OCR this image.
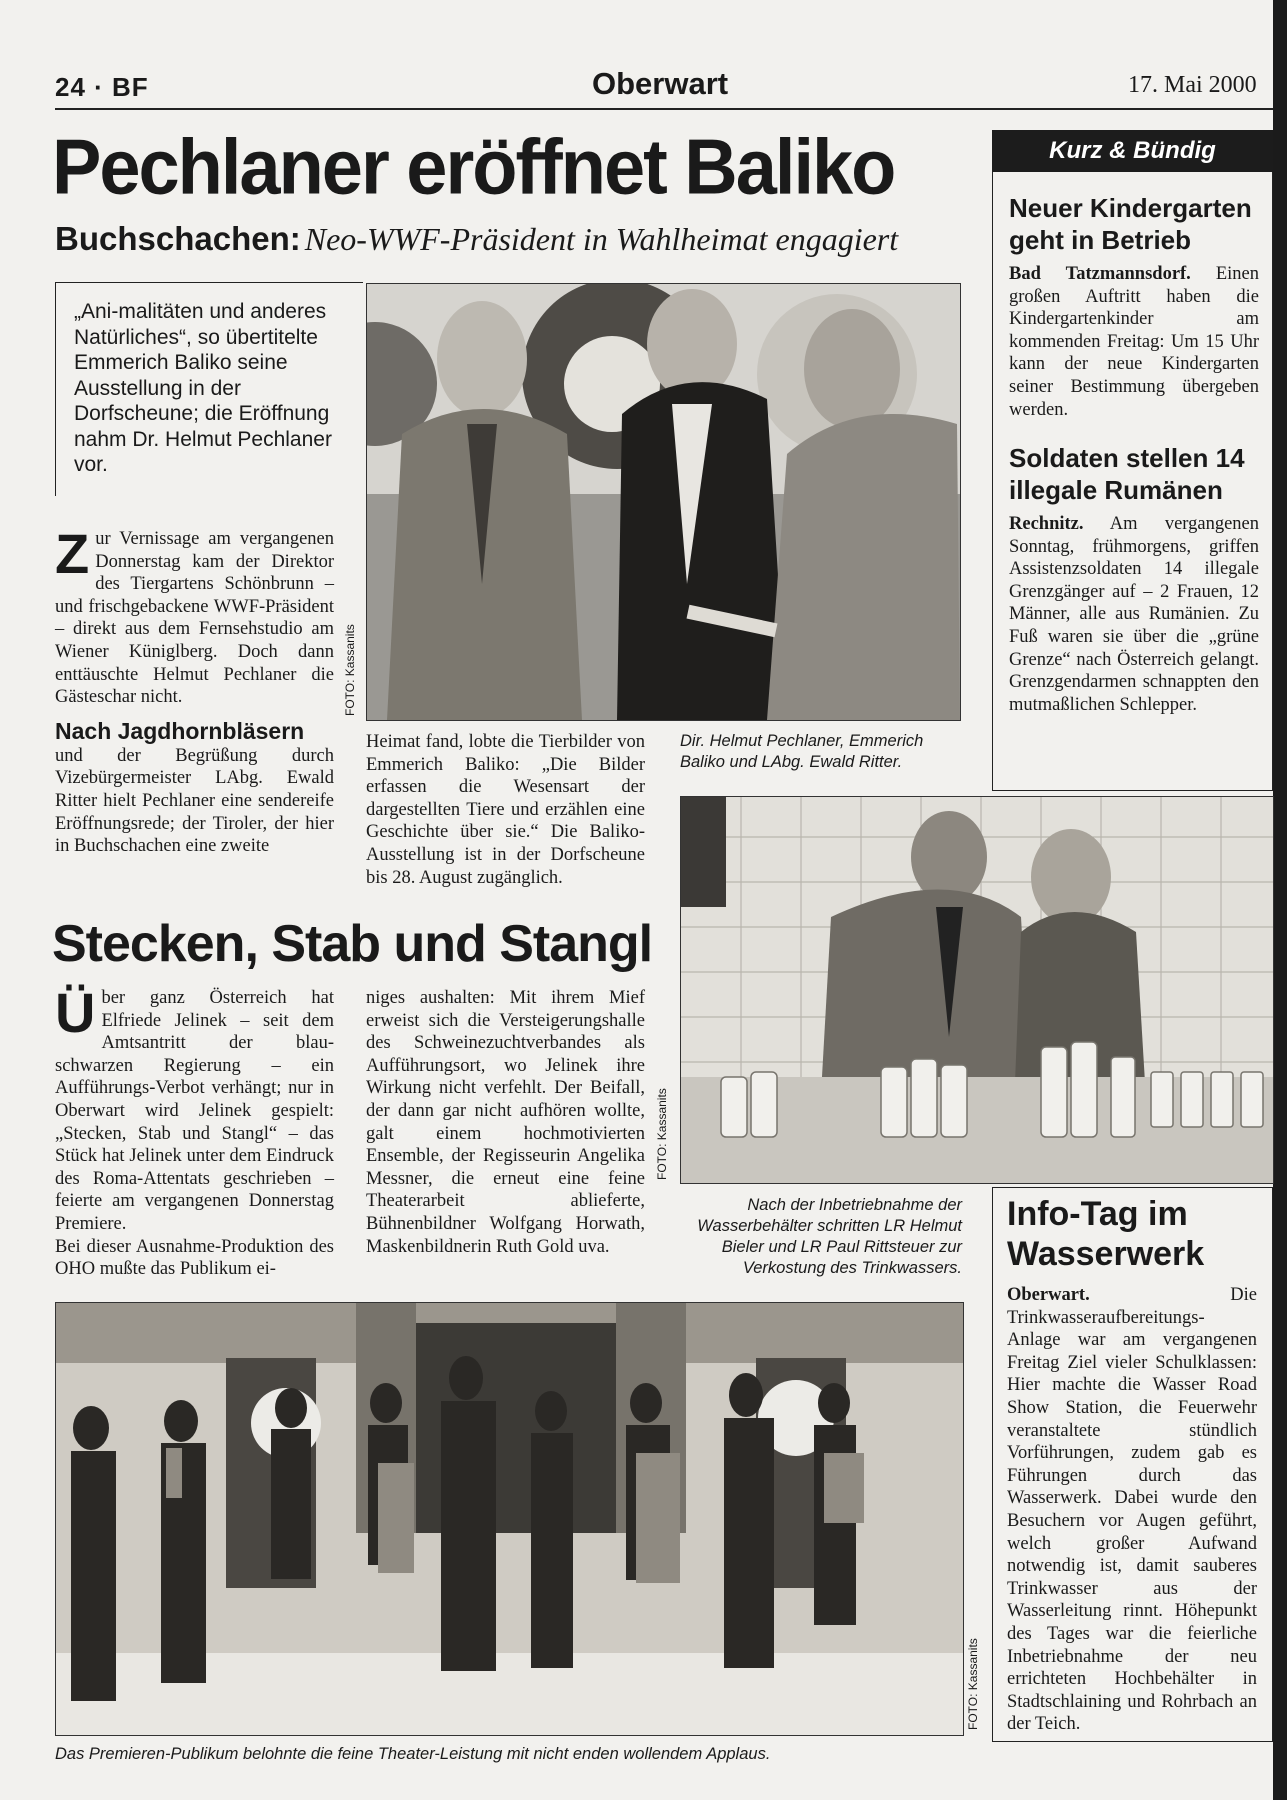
24 · BF	Oberwart	17. Mai 2000
Pechlaner eröffnet Baliko
Buchschachen: Neo-WWF-Präsident in Wahlheimat engagiert
„Ani-malitäten und anderes Natürliches“, so übertitelte Emmerich Baliko seine Ausstellung in der Dorfscheune; die Eröffnung nahm Dr. Helmut Pechlaner vor.
Zur Vernissage am vergangenen Donnerstag kam der Direktor des Tiergartens Schönbrunn – und frischgebackene WWF-Präsident – direkt aus dem Fernsehstudio am Wiener Küniglberg. Doch dann enttäuschte Helmut Pechlaner die Gästeschar nicht.
Nach Jagdhornbläsern
und der Begrüßung durch Vizebürgermeister LAbg. Ewald Ritter hielt Pechlaner eine sendereife Eröffnungsrede; der Tiroler, der hier in Buchschachen eine zweite
FOTO: Kassanits
Heimat fand, lobte die Tierbilder von Emmerich Baliko: „Die Bilder erfassen die Wesensart der dargestellten Tiere und erzählen eine Geschichte über sie.“ Die Baliko-Ausstellung ist in der Dorfscheune bis 28. August zugänglich.
Dir. Helmut Pechlaner, Emmerich Baliko und LAbg. Ewald Ritter.
Kurz & Bündig
Neuer Kindergarten geht in Betrieb
Bad Tatzmannsdorf. Einen großen Auftritt haben die Kindergartenkinder am kommenden Freitag: Um 15 Uhr kann der neue Kindergarten seiner Bestimmung übergeben werden.
Soldaten stellen 14 illegale Rumänen
Rechnitz. Am vergangenen Sonntag, frühmorgens, griffen Assistenzsoldaten 14 illegale Grenzgänger auf – 2 Frauen, 12 Männer, alle aus Rumänien. Zu Fuß waren sie über die „grüne Grenze“ nach Österreich gelangt. Grenzgendarmen schnappten den mutmaßlichen Schlepper.
Stecken, Stab und Stangl
Über ganz Österreich hat Elfriede Jelinek – seit dem Amtsantritt der blau-schwarzen Regierung – ein Aufführungs-Verbot verhängt; nur in Oberwart wird Jelinek gespielt: „Stecken, Stab und Stangl“ – das Stück hat Jelinek unter dem Eindruck des Roma-Attentats geschrieben – feierte am vergangenen Donnerstag Premiere.
Bei dieser Ausnahme-Produktion des OHO mußte das Publikum ei-
niges aushalten: Mit ihrem Mief erweist sich die Versteigerungshalle des Schweinezuchtverbandes als Aufführungsort, wo Jelinek ihre Wirkung nicht verfehlt. Der Beifall, der dann gar nicht aufhören wollte, galt einem hochmotivierten Ensemble, der Regisseurin Angelika Messner, die erneut eine feine Theaterarbeit ablieferte, Bühnenbildner Wolfgang Horwath, Maskenbildnerin Ruth Gold uva.
FOTO: Kassanits
Nach der Inbetriebnahme der Wasserbehälter schritten LR Helmut Bieler und LR Paul Rittsteuer zur Verkostung des Trinkwassers.
Info-Tag im Wasserwerk
Oberwart.	Die Trinkwasseraufbereitungs-Anlage war am vergangenen Freitag Ziel vieler Schulklassen: Hier machte die Wasser Road Show Station, die Feuerwehr veranstaltete stündlich Vorführungen, zudem gab es Führungen durch das Wasserwerk. Dabei wurde den Besuchern vor Augen geführt, welch großer Aufwand notwendig ist, damit sauberes Trinkwasser aus der Wasserleitung rinnt. Höhepunkt des Tages war die feierliche Inbetriebnahme der neu errichteten Hochbehälter in Stadtschlaining und Rohrbach an der Teich.
FOTO: Kassanits
Das Premieren-Publikum belohnte die feine Theater-Leistung mit nicht enden wollendem Applaus.
